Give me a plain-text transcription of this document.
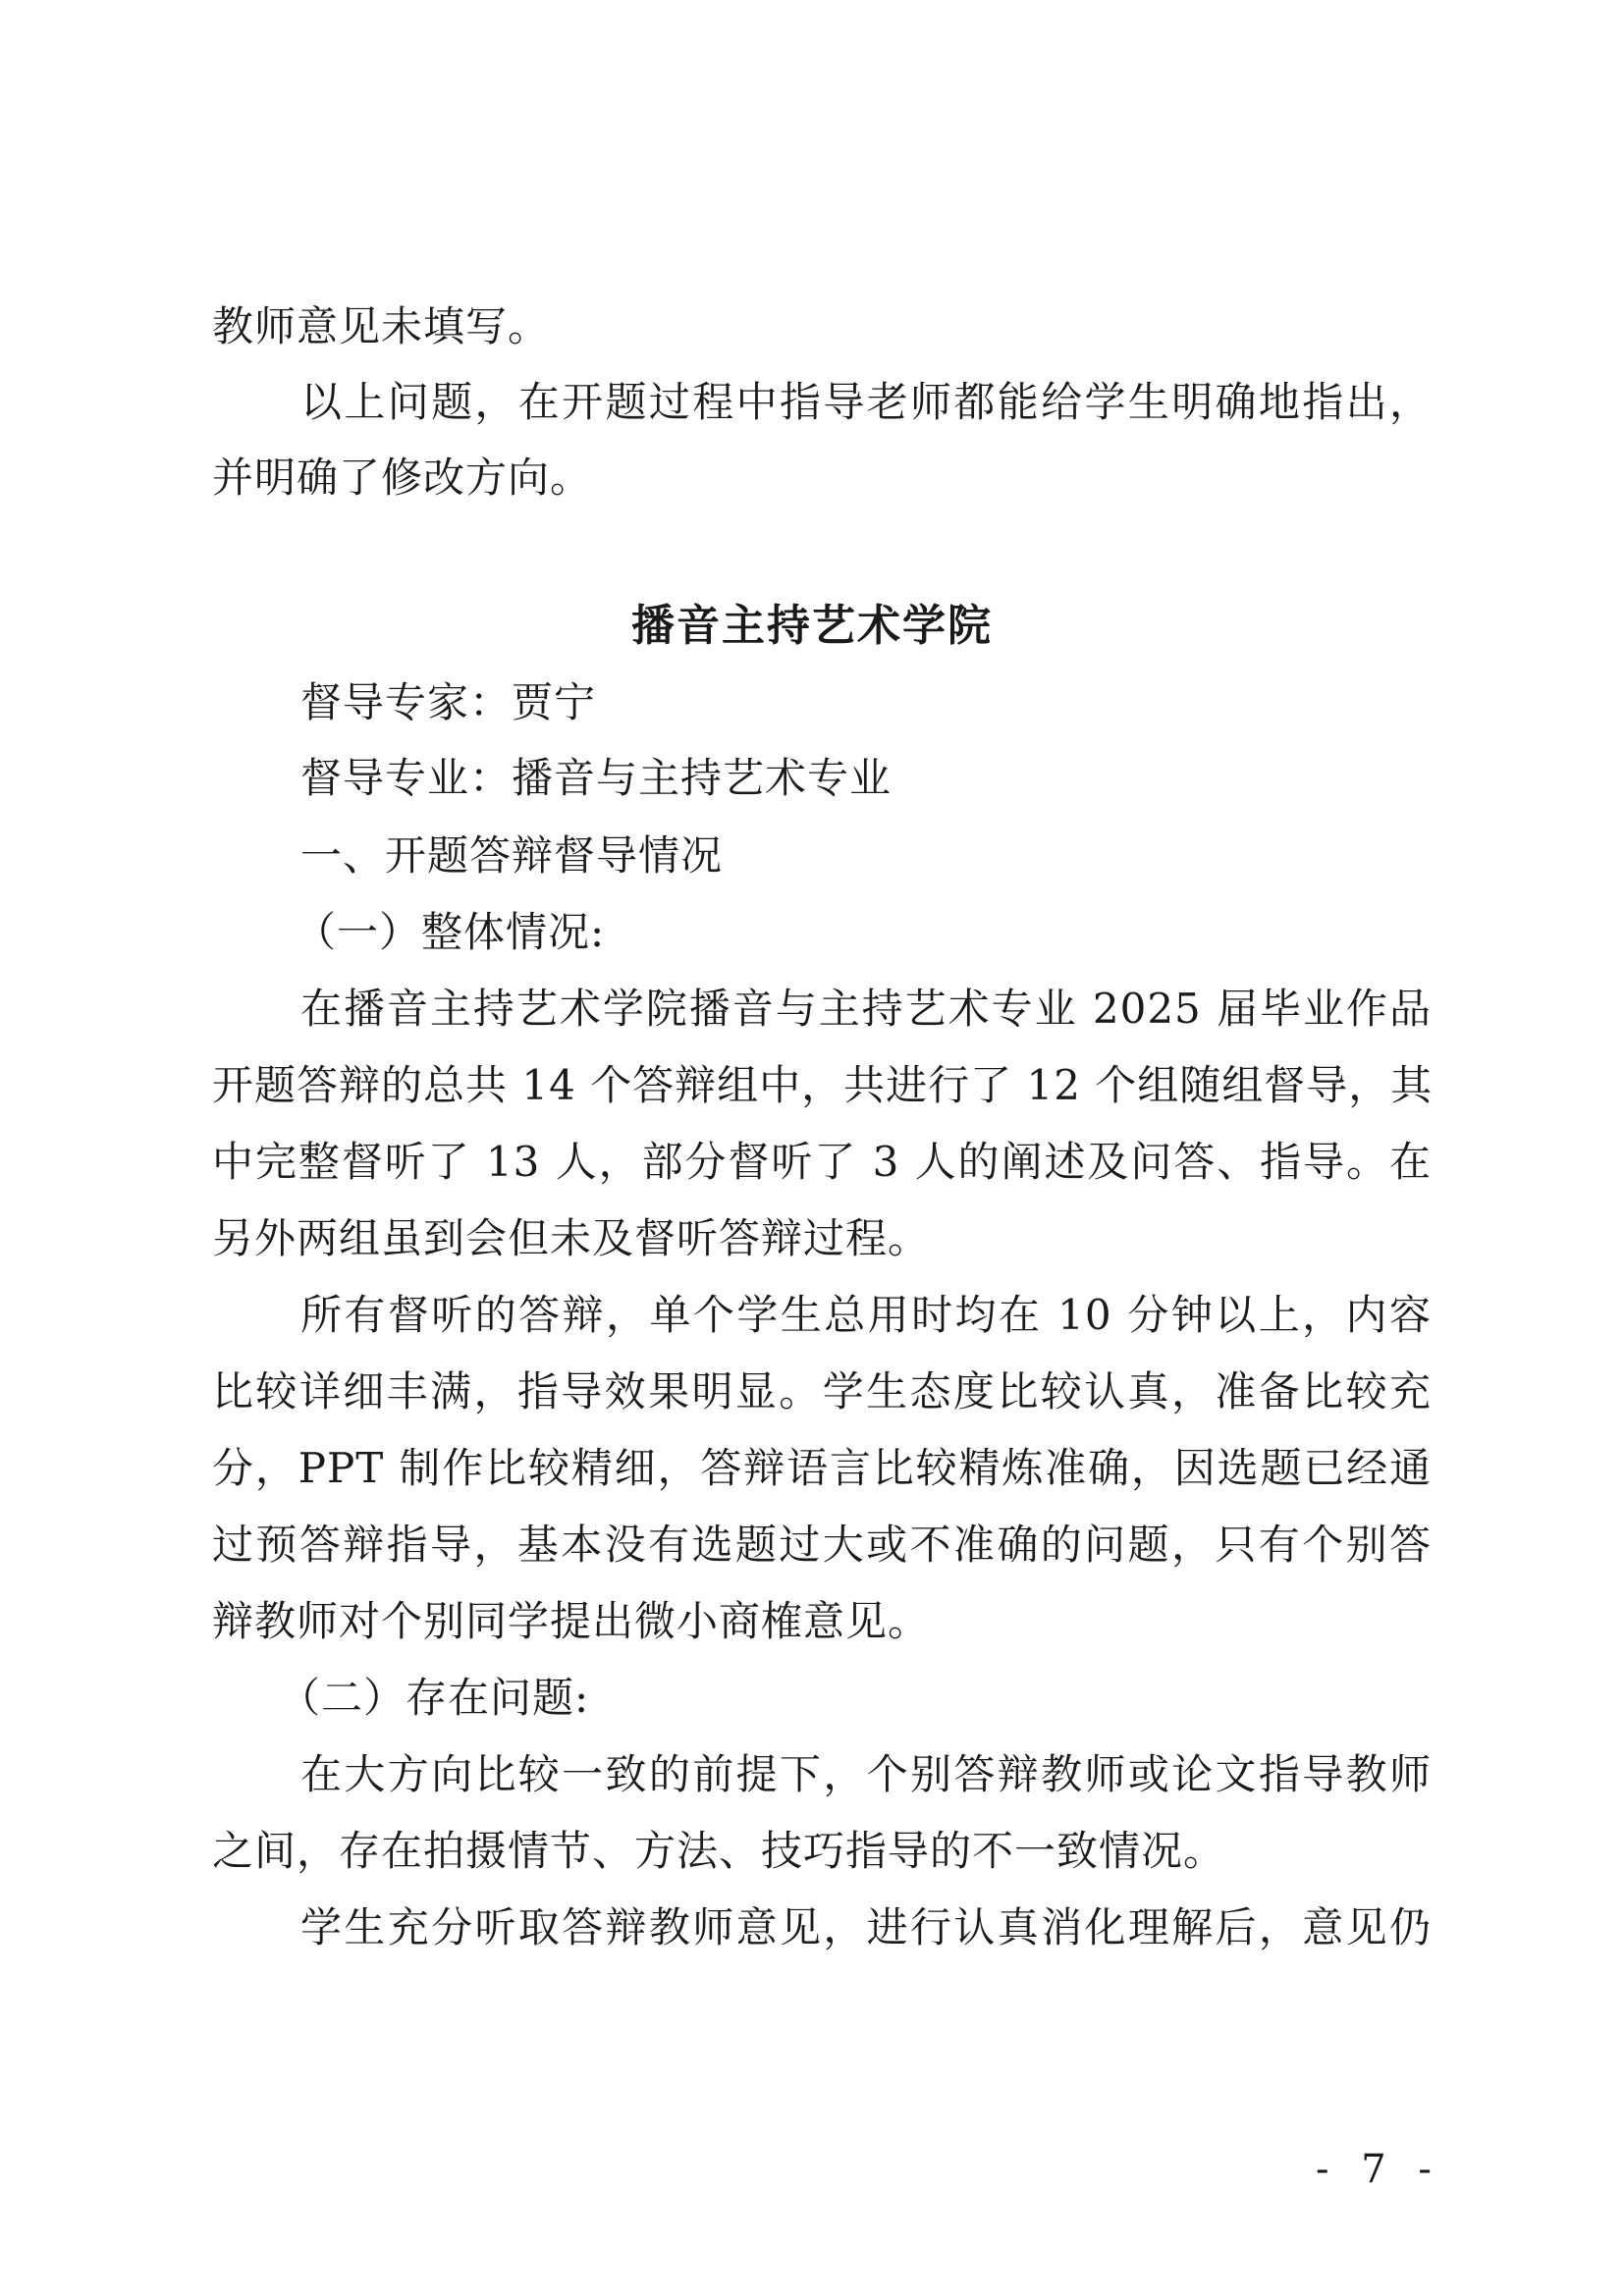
教师意见未填写。

以上问题，在开题过程中指导老师都能给学生明确地指出，

并明确了修改方向。

播音主持艺术学院

督导专家：贾宁

督导专业：播音与主持艺术专业

一、开题答辩督导情况

（一）整体情况:

在播音主持艺术学院播音与主持艺术专业 2025 届毕业作品

开题答辩的总共 14 个答辩组中，共进行了 12 个组随组督导，其

中完整督听了 13 人，部分督听了 3 人的阐述及问答、指导。在

另外两组虽到会但未及督听答辩过程。

所有督听的答辩，单个学生总用时均在 10 分钟以上，内容

比较详细丰满，指导效果明显。学生态度比较认真，准备比较充

分，PPT 制作比较精细，答辩语言比较精炼准确，因选题已经通

过预答辩指导，基本没有选题过大或不准确的问题，只有个别答

辩教师对个别同学提出微小商榷意见。

（二）存在问题:

在大方向比较一致的前提下，个别答辩教师或论文指导教师

之间，存在拍摄情节、方法、技巧指导的不一致情况。

学生充分听取答辩教师意见，进行认真消化理解后，意见仍

- 7 -
